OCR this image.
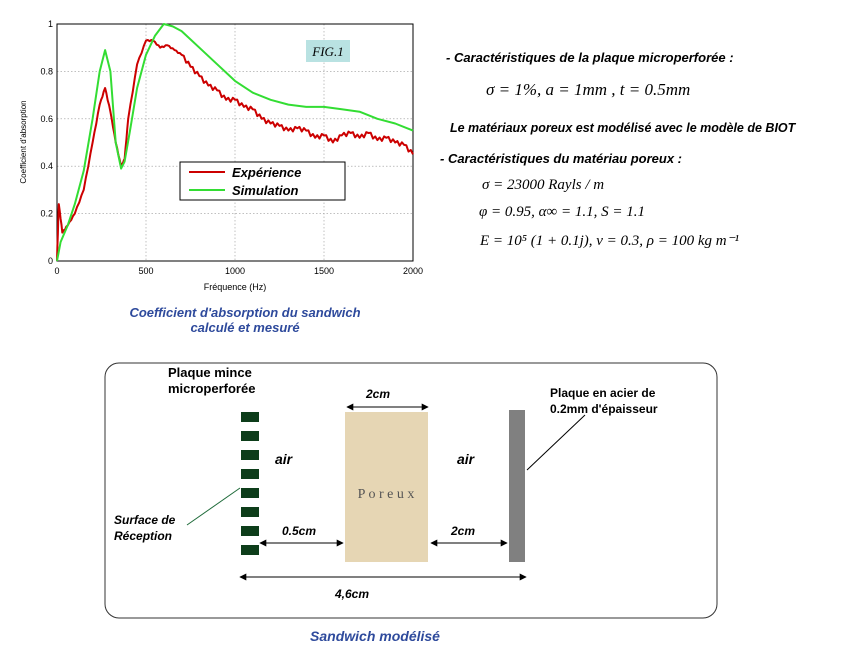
0	500	1000	1500	2000
0
0.2
0.4
0.6
0.8
1
Fréquence (Hz)
Coefficient d'absorption
FIG.1
Expérience
Simulation
Coefficient d'absorption du sandwich
calculé et mesuré
- Caractéristiques de la plaque microperforée :
σ = 1%, a = 1mm , t = 0.5mm
Le matériaux poreux est modélisé avec le modèle de BIOT
- Caractéristiques du matériau poreux :
σ = 23000 Rayls / m
φ = 0.95, α∞ = 1.1, S = 1.1
E = 10⁵ (1 + 0.1j), ν = 0.3, ρ = 100 kg m⁻¹
Plaque mince
microperforée	Plaque en acier de
0.2mm d'épaisseur
P o r e u x
air	air
Surface de
Réception
2cm
0.5cm	2cm
4,6cm
Sandwich modélisé
